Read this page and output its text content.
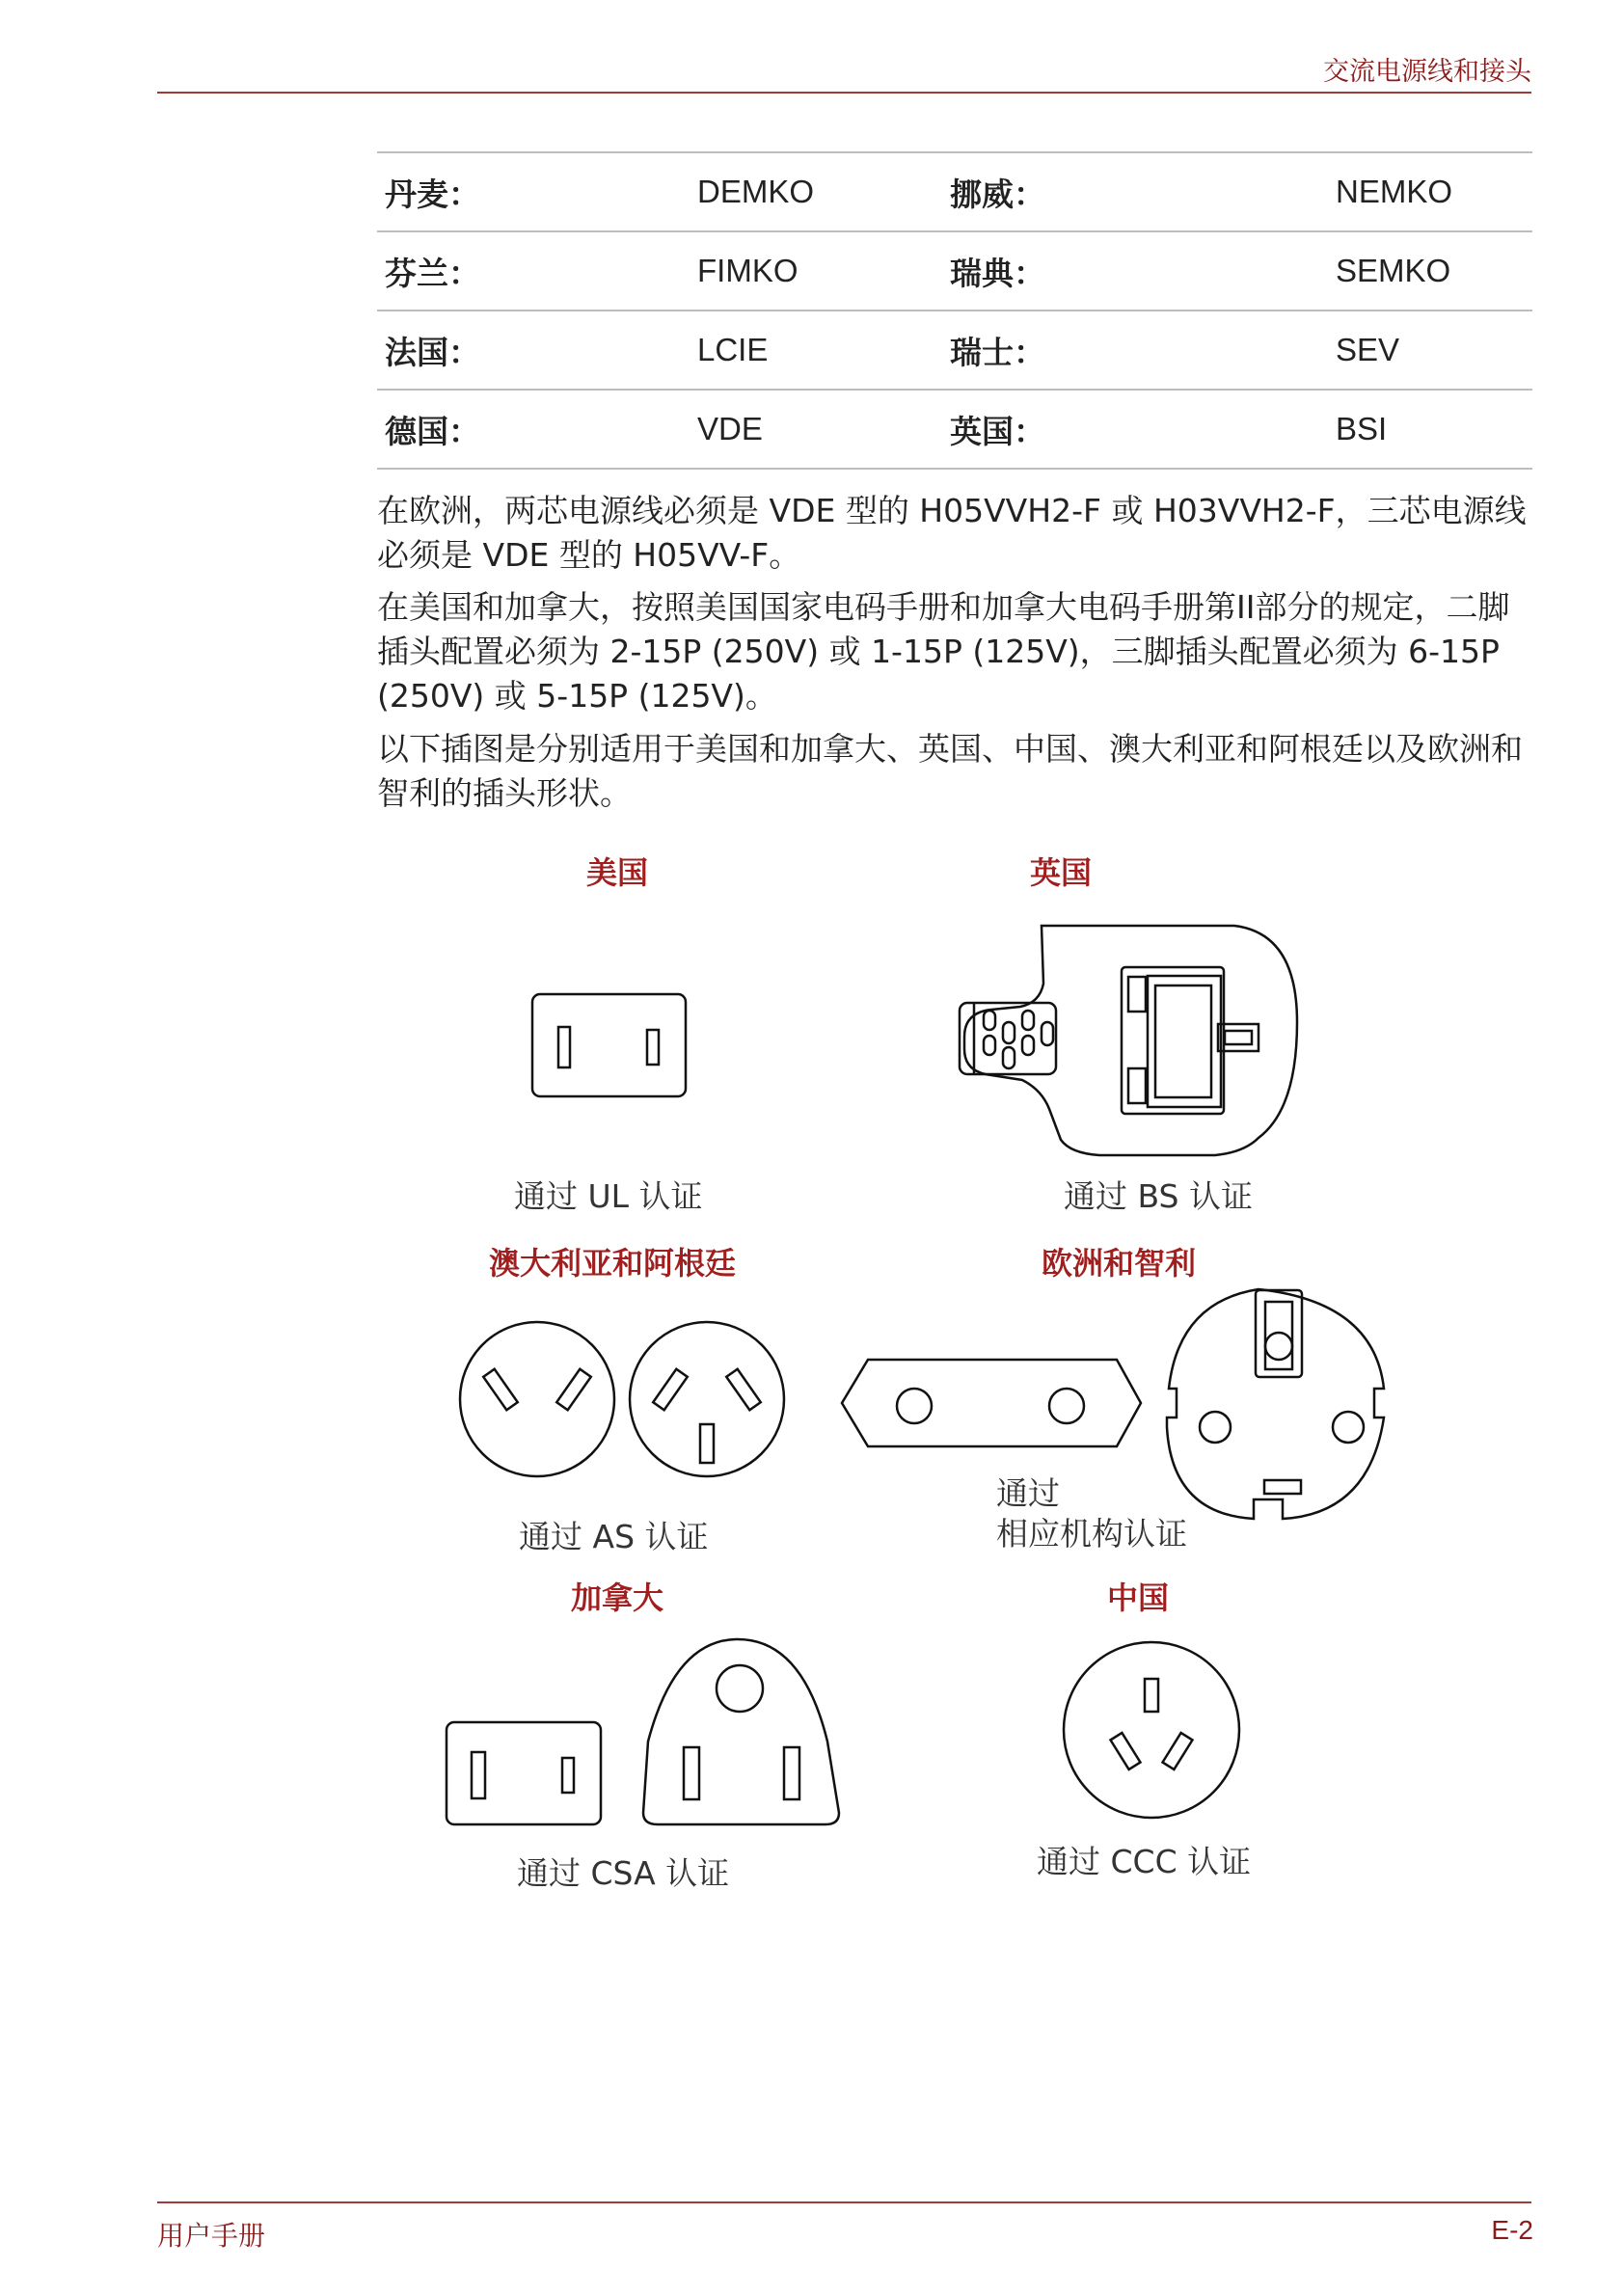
交流电源线和接头
丹麦：	DEMKO	挪威：	NEMKO
芬兰：	FIMKO	瑞典：	SEMKO
法国：	LCIE	瑞士：	SEV
德国：	VDE	英国：	BSI
在欧洲，两芯电源线必须是 VDE 型的 H05VVH2-F 或 H03VVH2-F，三芯电源线必须是 VDE 型的 H05VV-F。
在美国和加拿大，按照美国国家电码手册和加拿大电码手册第II部分的规定，二脚插头配置必须为 2-15P (250V) 或 1-15P (125V)，三脚插头配置必须为 6-15P (250V) 或 5-15P (125V)。
以下插图是分别适用于美国和加拿大、英国、中国、澳大利亚和阿根廷以及欧洲和智利的插头形状。
美国	英国
澳大利亚和阿根廷	欧洲和智利
加拿大	中国
通过 UL 认证	通过 BS 认证
通过 AS 认证
通过
相应机构认证
通过 CSA 认证	通过 CCC 认证
用户手册	E-2
